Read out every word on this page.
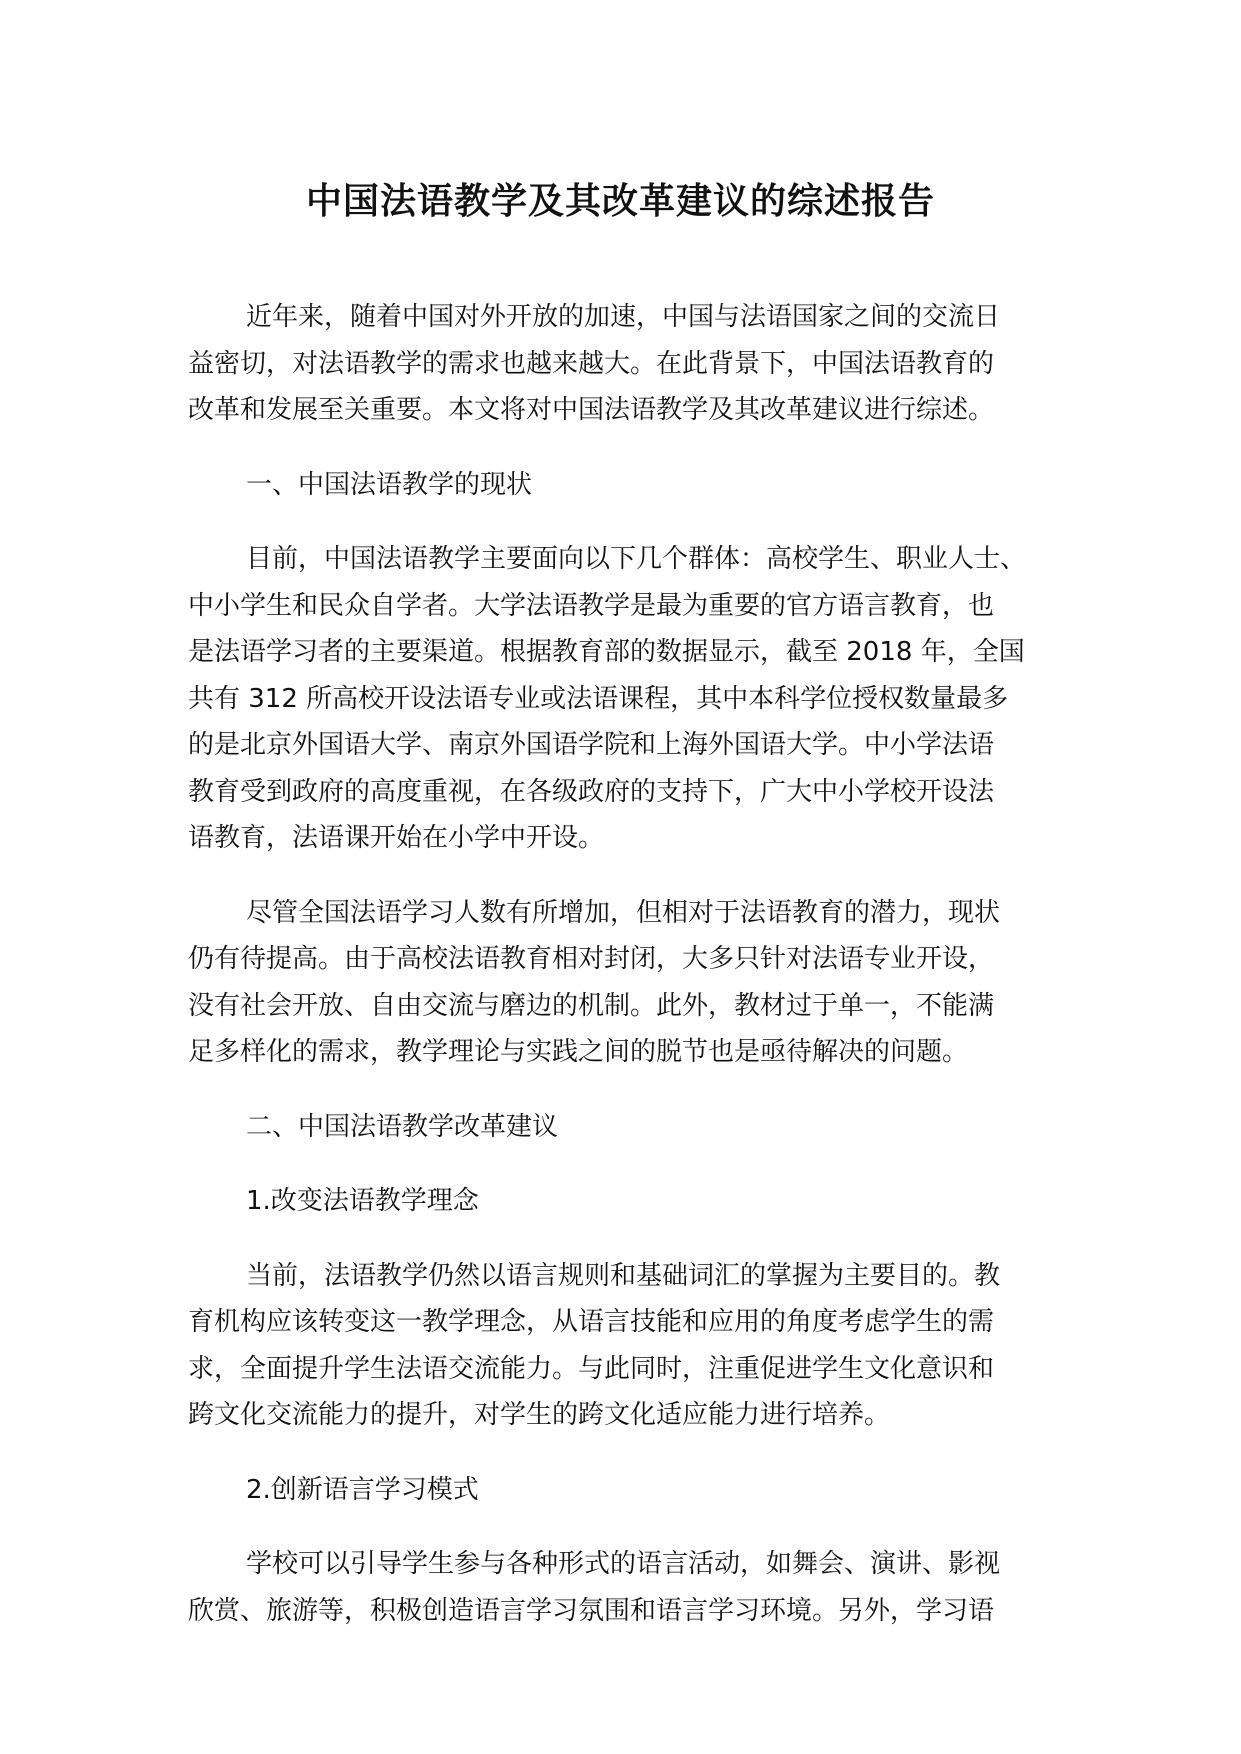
中国法语教学及其改革建议的综述报告
近年来，随着中国对外开放的加速，中国与法语国家之间的交流日
益密切，对法语教学的需求也越来越大。在此背景下，中国法语教育的
改革和发展至关重要。本文将对中国法语教学及其改革建议进行综述。
一、中国法语教学的现状
目前，中国法语教学主要面向以下几个群体：高校学生、职业人士、
中小学生和民众自学者。大学法语教学是最为重要的官方语言教育，也
是法语学习者的主要渠道。根据教育部的数据显示，截至 2018 年，全国
共有 312 所高校开设法语专业或法语课程，其中本科学位授权数量最多
的是北京外国语大学、南京外国语学院和上海外国语大学。中小学法语
教育受到政府的高度重视，在各级政府的支持下，广大中小学校开设法
语教育，法语课开始在小学中开设。
尽管全国法语学习人数有所增加，但相对于法语教育的潜力，现状
仍有待提高。由于高校法语教育相对封闭，大多只针对法语专业开设，
没有社会开放、自由交流与磨边的机制。此外，教材过于单一，不能满
足多样化的需求，教学理论与实践之间的脱节也是亟待解决的问题。
二、中国法语教学改革建议
1.改变法语教学理念
当前，法语教学仍然以语言规则和基础词汇的掌握为主要目的。教
育机构应该转变这一教学理念，从语言技能和应用的角度考虑学生的需
求，全面提升学生法语交流能力。与此同时，注重促进学生文化意识和
跨文化交流能力的提升，对学生的跨文化适应能力进行培养。
2.创新语言学习模式
学校可以引导学生参与各种形式的语言活动，如舞会、演讲、影视
欣赏、旅游等，积极创造语言学习氛围和语言学习环境。另外，学习语
